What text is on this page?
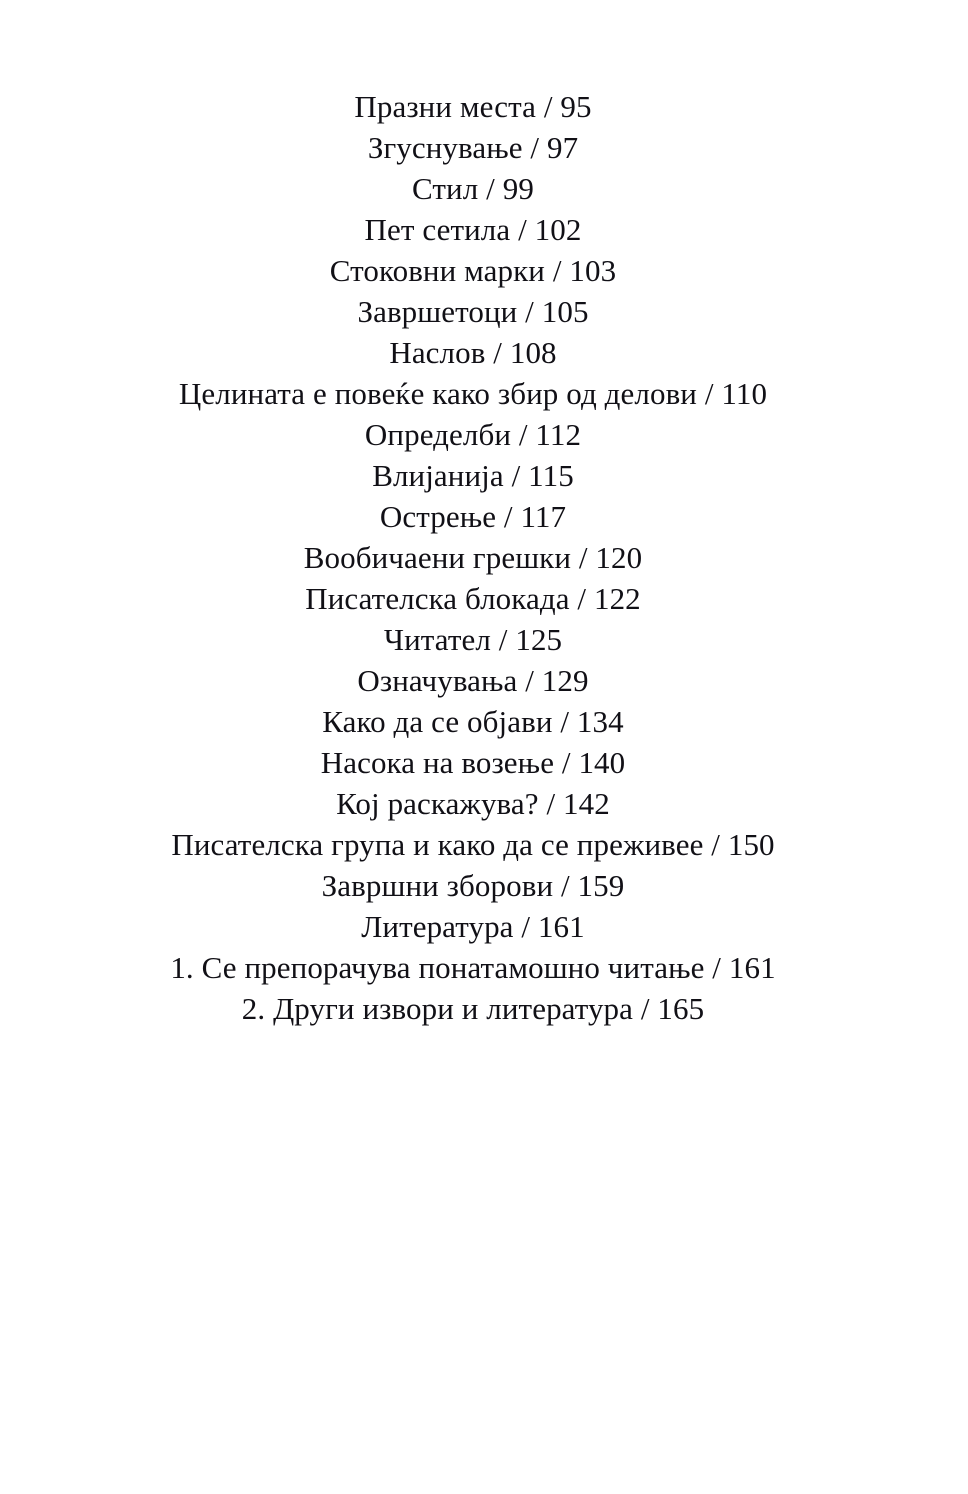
Празни места / 95
Згуснување / 97
Стил / 99
Пет сетила / 102
Стоковни марки / 103
Завршетоци / 105
Наслов / 108
Целината е повеќе како збир од делови / 110
Определби / 112
Влијанија / 115
Острење / 117
Вообичаени грешки / 120
Писателска блокада / 122
Читател / 125
Означувања / 129
Како да се објави / 134
Насока на возење / 140
Кој раскажува? / 142
Писателска група и како да се преживее / 150
Завршни зборови / 159
Литература / 161
1. Се препорачува понатамошно читање / 161
2. Други извори и литература / 165
